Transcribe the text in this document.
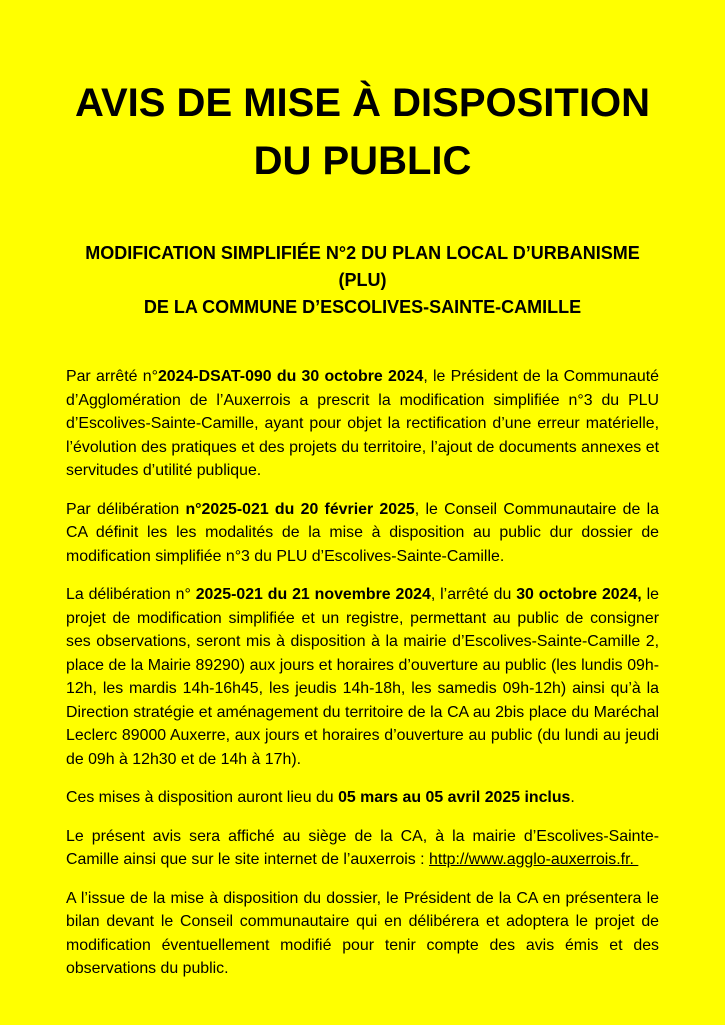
AVIS DE MISE À DISPOSITION
DU PUBLIC
MODIFICATION SIMPLIFIÉE N°2 DU PLAN LOCAL D’URBANISME
(PLU)
DE LA COMMUNE D’ESCOLIVES-SAINTE-CAMILLE

Par arrêté n°2024-DSAT-090 du 30 octobre 2024, le Président de la Communauté d’Agglomération de l’Auxerrois a prescrit la modification simplifiée n°3 du PLU d’Escolives-Sainte-Camille, ayant pour objet la rectification d’une erreur matérielle, l’évolution des pratiques et des projets du territoire, l’ajout de documents annexes et servitudes d’utilité publique.

Par délibération n°2025-021 du 20 février 2025, le Conseil Communautaire de la CA définit les les modalités de la mise à disposition au public dur dossier de modification simplifiée n°3 du PLU d’Escolives-Sainte-Camille.

La délibération n° 2025-021 du 21 novembre 2024, l’arrêté du 30 octobre 2024, le projet de modification simplifiée et un registre, permettant au public de consigner ses observations, seront mis à disposition à la mairie d’Escolives-Sainte-Camille 2, place de la Mairie 89290) aux jours et horaires d’ouverture au public (les lundis 09h-12h, les mardis 14h-16h45, les jeudis 14h-18h, les samedis 09h-12h) ainsi qu’à la Direction stratégie et aménagement du territoire de la CA au 2bis place du Maréchal Leclerc 89000 Auxerre, aux jours et horaires d’ouverture au public (du lundi au jeudi de 09h à 12h30 et de 14h à 17h).

Ces mises à disposition auront lieu du 05 mars au 05 avril 2025 inclus.

Le présent avis sera affiché au siège de la CA, à la mairie d’Escolives-Sainte-Camille ainsi que sur le site internet de l’auxerrois : http://www.agglo-auxerrois.fr.

A l’issue de la mise à disposition du dossier, le Président de la CA en présentera le bilan devant le Conseil communautaire qui en délibérera et adoptera le projet de modification éventuellement modifié pour tenir compte des avis émis et des observations du public.
